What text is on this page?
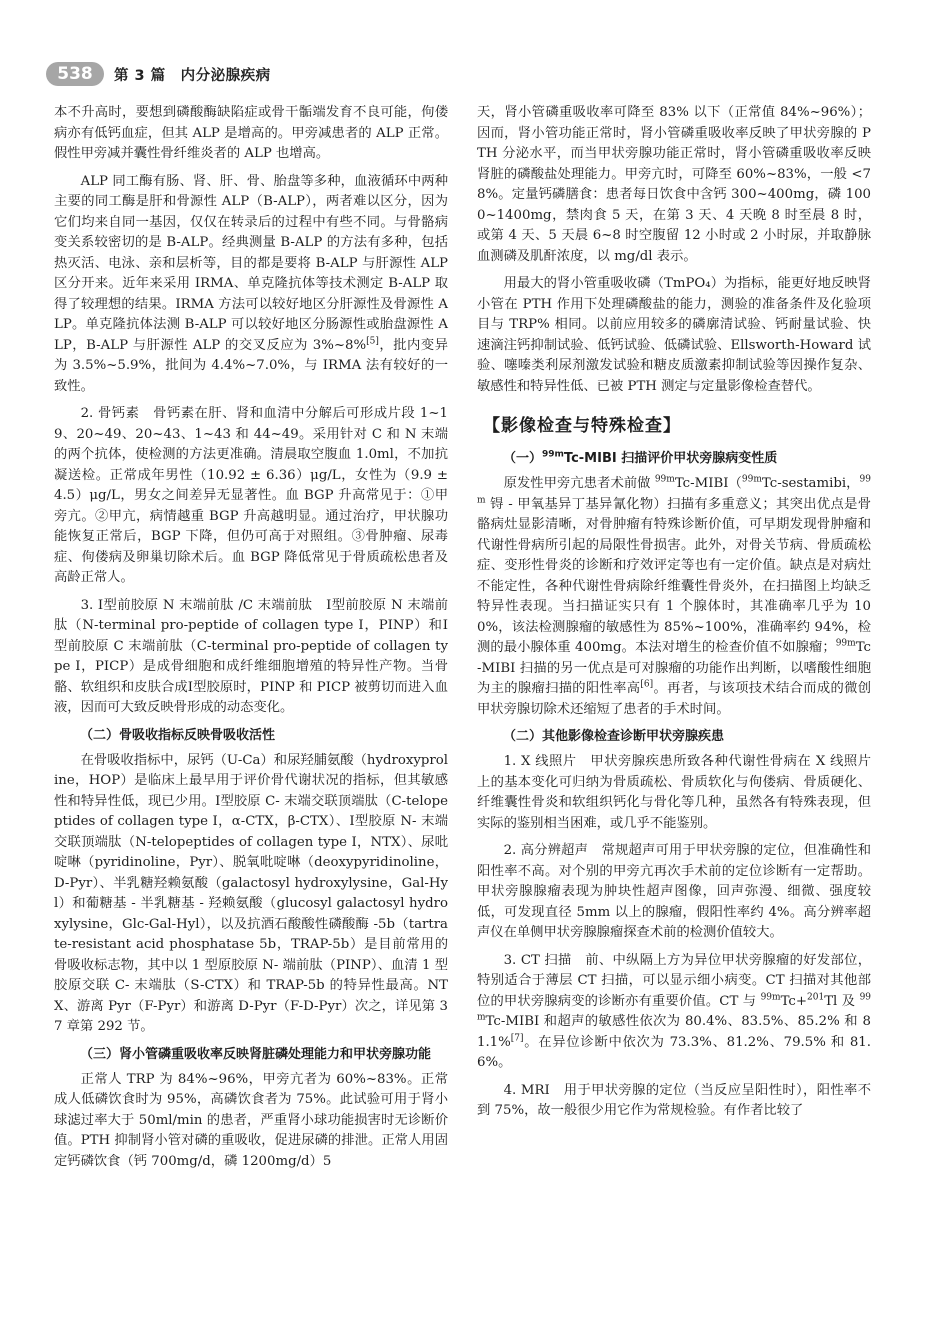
538	第 3 篇　内分泌腺疾病

本不升高时，要想到磷酸酶缺陷症或骨干骺端发育不良可能，佝偻病亦有低钙血症，但其 ALP 是增高的。甲旁减患者的 ALP 正常。假性甲旁减并囊性骨纤维炎者的 ALP 也增高。

ALP 同工酶有肠、肾、肝、骨、胎盘等多种，血液循环中两种主要的同工酶是肝和骨源性 ALP（B-ALP），两者难以区分，因为它们均来自同一基因，仅仅在转录后的过程中有些不同。与骨骼病变关系较密切的是 B-ALP。经典测量 B-ALP 的方法有多种，包括热灭活、电泳、亲和层析等，目的都是要将 B-ALP 与肝源性 ALP 区分开来。近年来采用 IRMA、单克隆抗体等技术测定 B-ALP 取得了较理想的结果。IRMA 方法可以较好地区分肝源性及骨源性 ALP。单克隆抗体法测 B-ALP 可以较好地区分肠源性或胎盘源性 ALP，B-ALP 与肝源性 ALP 的交叉反应为 3%~8%[5]，批内变异为 3.5%~5.9%，批间为 4.4%~7.0%，与 IRMA 法有较好的一致性。

2. 骨钙素　骨钙素在肝、肾和血清中分解后可形成片段 1~19、20~49、20~43、1~43 和 44~49。采用针对 C 和 N 末端的两个抗体，使检测的方法更准确。清晨取空腹血 1.0ml，不加抗凝送检。正常成年男性（10.92 ± 6.36）μg/L，女性为（9.9 ± 4.5）μg/L，男女之间差异无显著性。血 BGP 升高常见于：①甲旁亢。②甲亢，病情越重 BGP 升高越明显。通过治疗，甲状腺功能恢复正常后，BGP 下降，但仍可高于对照组。③骨肿瘤、尿毒症、佝偻病及卵巢切除术后。血 BGP 降低常见于骨质疏松患者及高龄正常人。

3. Ⅰ型前胶原 N 末端前肽 /C 末端前肽　Ⅰ型前胶原 N 末端前肽（N-terminal pro-peptide of collagen type Ⅰ，PINP）和Ⅰ型前胶原 C 末端前肽（C-terminal pro-peptide of collagen type Ⅰ，PICP）是成骨细胞和成纤维细胞增殖的特异性产物。当骨骼、软组织和皮肤合成Ⅰ型胶原时，PINP 和 PICP 被剪切而进入血液，因而可大致反映骨形成的动态变化。

（二）骨吸收指标反映骨吸收活性

在骨吸收指标中，尿钙（U-Ca）和尿羟脯氨酸（hydroxyproline，HOP）是临床上最早用于评价骨代谢状况的指标，但其敏感性和特异性低，现已少用。Ⅰ型胶原 C- 末端交联顶端肽（C-telopeptides of collagen type Ⅰ，α-CTX，β-CTX）、Ⅰ型胶原 N- 末端交联顶端肽（N-telopeptides of collagen type Ⅰ，NTX）、尿吡啶啉（pyridinoline，Pyr）、脱氧吡啶啉（deoxypyridinoline，D-Pyr）、半乳糖羟赖氨酸（galactosyl hydroxylysine，Gal-Hyl）和葡糖基 - 半乳糖基 - 羟赖氨酸（glucosyl galactosyl hydroxylysine，Glc-Gal-Hyl），以及抗酒石酸酸性磷酸酶 -5b（tartrate-resistant acid phosphatase 5b，TRAP-5b）是目前常用的骨吸收标志物，其中以 1 型原胶原 N- 端前肽（PINP）、血清 1 型胶原交联 C- 末端肽（S-CTX）和 TRAP-5b 的特异性最高。NTX、游离 Pyr（F-Pyr）和游离 D-Pyr（F-D-Pyr）次之，详见第 37 章第 292 节。

（三）肾小管磷重吸收率反映肾脏磷处理能力和甲状旁腺功能

正常人 TRP 为 84%~96%，甲旁亢者为 60%~83%。正常成人低磷饮食时为 95%，高磷饮食者为 75%。此试验可用于肾小球滤过率大于 50ml/min 的患者，严重肾小球功能损害时无诊断价值。PTH 抑制肾小管对磷的重吸收，促进尿磷的排泄。正常人用固定钙磷饮食（钙 700mg/d，磷 1200mg/d）5

天，肾小管磷重吸收率可降至 83% 以下（正常值 84%~96%）；因而，肾小管功能正常时，肾小管磷重吸收率反映了甲状旁腺的 PTH 分泌水平，而当甲状旁腺功能正常时，肾小管磷重吸收率反映肾脏的磷酸盐处理能力。甲旁亢时，可降至 60%~83%，一般 <78%。定量钙磷膳食：患者每日饮食中含钙 300~400mg，磷 1000~1400mg，禁肉食 5 天，在第 3 天、4 天晚 8 时至晨 8 时，或第 4 天、5 天晨 6~8 时空腹留 12 小时或 2 小时尿，并取静脉血测磷及肌酐浓度，以 mg/dl 表示。

用最大的肾小管重吸收磷（TmPO₄）为指标，能更好地反映肾小管在 PTH 作用下处理磷酸盐的能力，测验的准备条件及化验项目与 TRP% 相同。以前应用较多的磷廓清试验、钙耐量试验、快速滴注钙抑制试验、低钙试验、低磷试验、Ellsworth-Howard 试验、噻嗪类利尿剂激发试验和糖皮质激素抑制试验等因操作复杂、敏感性和特异性低、已被 PTH 测定与定量影像检查替代。

【影像检查与特殊检查】
（一）$^{99m}$Tc-MIBI 扫描评价甲状旁腺病变性质

原发性甲旁亢患者术前做 $^{99m}$Tc-MIBI（$^{99m}$Tc-sestamibi，$^{99m}$ 锝 - 甲氧基异丁基异氰化物）扫描有多重意义；其突出优点是骨骼病灶显影清晰，对骨肿瘤有特殊诊断价值，可早期发现骨肿瘤和代谢性骨病所引起的局限性骨损害。此外，对骨关节病、骨质疏松症、变形性骨炎的诊断和疗效评定等也有一定价值。缺点是对病灶不能定性，各种代谢性骨病除纤维囊性骨炎外，在扫描图上均缺乏特异性表现。当扫描证实只有 1 个腺体时，其准确率几乎为 100%，该法检测腺瘤的敏感性为 85%~100%，准确率约 94%，检测的最小腺体重 400mg。本法对增生的检查价值不如腺瘤；$^{99m}$Tc-MIBI 扫描的另一优点是可对腺瘤的功能作出判断，以嗜酸性细胞为主的腺瘤扫描的阳性率高[6]。再者，与该项技术结合而成的微创甲状旁腺切除术还缩短了患者的手术时间。

（二）其他影像检查诊断甲状旁腺疾患

1. X 线照片　甲状旁腺疾患所致各种代谢性骨病在 X 线照片上的基本变化可归纳为骨质疏松、骨质软化与佝偻病、骨质硬化、纤维囊性骨炎和软组织钙化与骨化等几种，虽然各有特殊表现，但实际的鉴别相当困难，或几乎不能鉴别。

2. 高分辨超声　常规超声可用于甲状旁腺的定位，但准确性和阳性率不高。对个别的甲旁亢再次手术前的定位诊断有一定帮助。甲状旁腺腺瘤表现为肿块性超声图像，回声弥漫、细微、强度较低，可发现直径 5mm 以上的腺瘤，假阳性率约 4%。高分辨率超声仪在单侧甲状旁腺腺瘤探查术前的检测价值较大。

3. CT 扫描　前、中纵隔上方为异位甲状旁腺瘤的好发部位，特别适合于薄层 CT 扫描，可以显示细小病变。CT 扫描对其他部位的甲状旁腺病变的诊断亦有重要价值。CT 与 $^{99m}$Tc+$^{201}$Tl 及 $^{99m}$Tc-MIBI 和超声的敏感性依次为 80.4%、83.5%、85.2% 和 81.1%[7]。在异位诊断中依次为 73.3%、81.2%、79.5% 和 81.6%。

4. MRI　用于甲状旁腺的定位（当反应呈阳性时），阳性率不到 75%，故一般很少用它作为常规检验。有作者比较了
